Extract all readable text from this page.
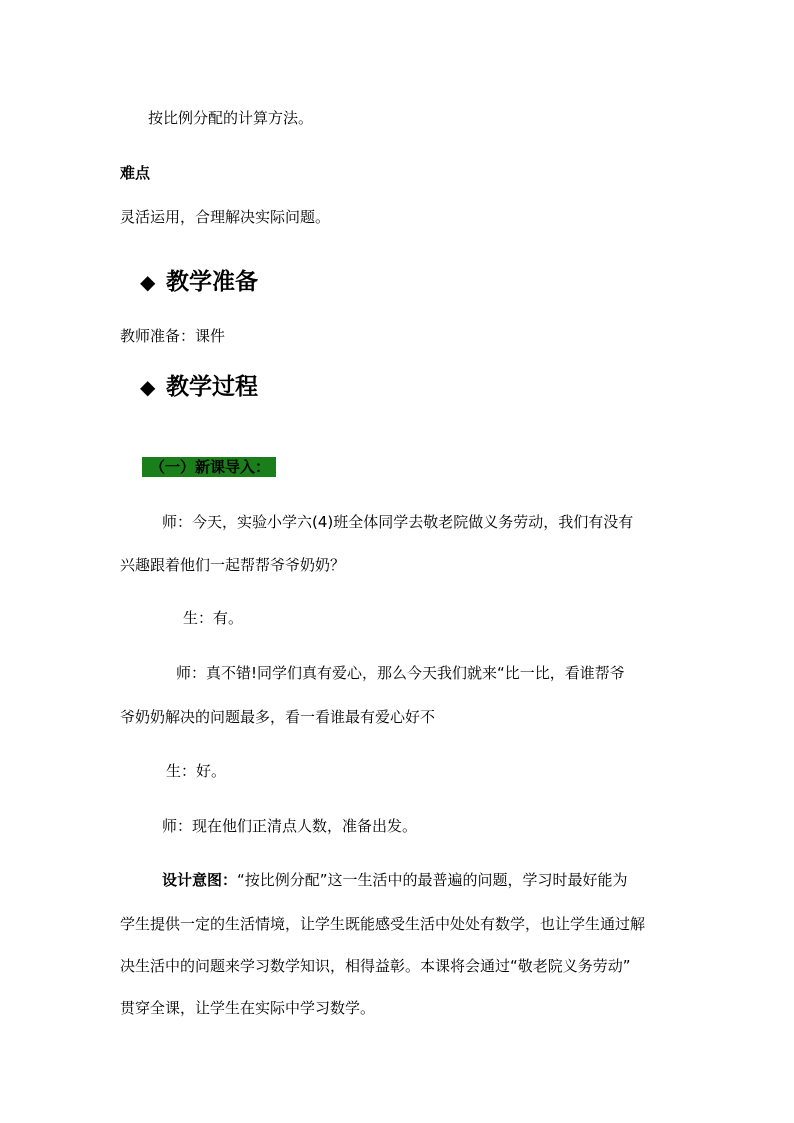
按比例分配的计算方法。

难点

灵活运用，合理解决实际问题。

◆ 教学准备

教师准备：课件

◆ 教学过程
（一）新课导入：

师：今天，实验小学六(4)班全体同学去敬老院做义务劳动，我们有没有

兴趣跟着他们一起帮帮爷爷奶奶？

生：有。

师：真不错!同学们真有爱心，那么今天我们就来“比一比，看谁帮爷

爷奶奶解决的问题最多，看一看谁最有爱心好不

生：好。

师：现在他们正清点人数，准备出发。

设计意图：“按比例分配”这一生活中的最普遍的问题，学习时最好能为

学生提供一定的生活情境，让学生既能感受生活中处处有数学，也让学生通过解

决生活中的问题来学习数学知识，相得益彰。本课将会通过“敬老院义务劳动”

贯穿全课，让学生在实际中学习数学。
